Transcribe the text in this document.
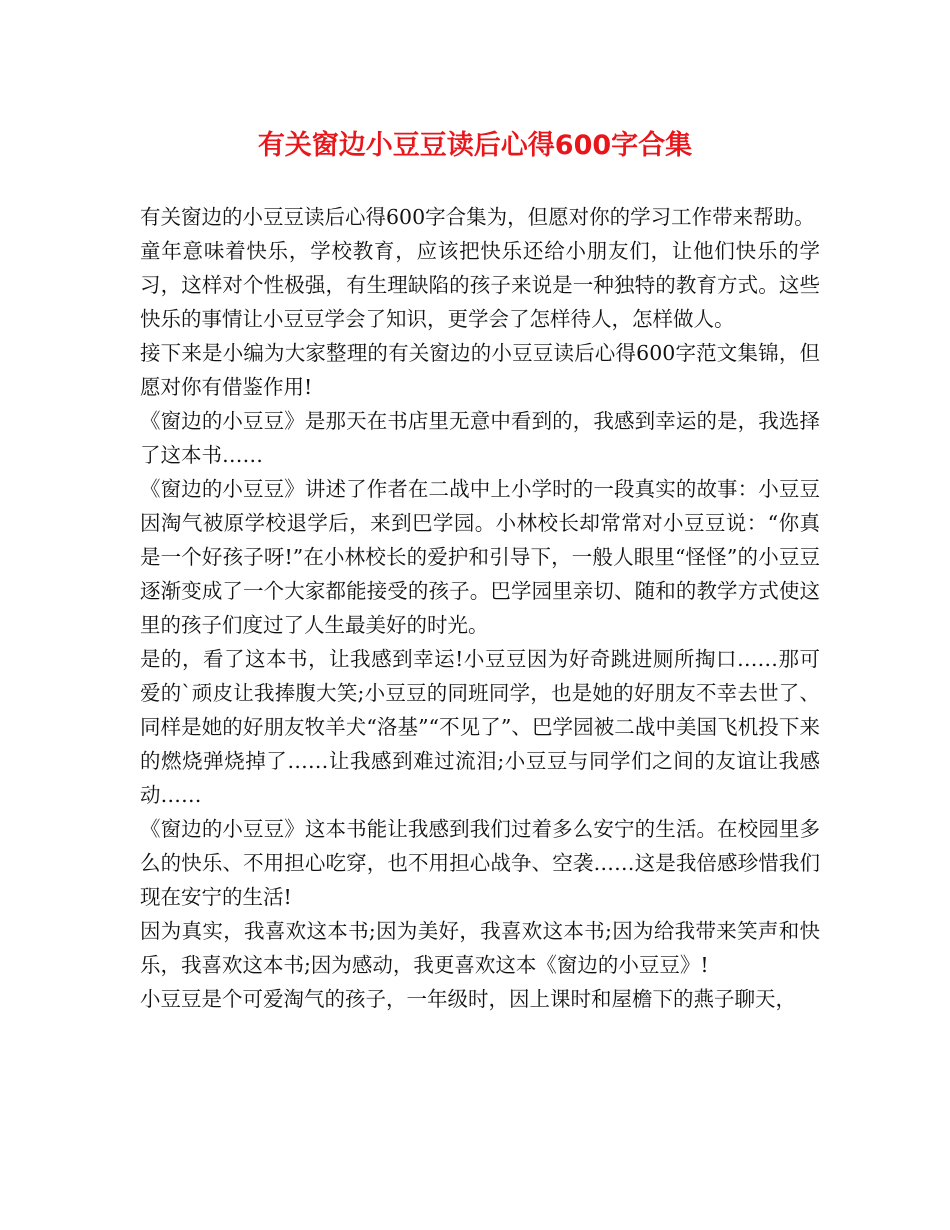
有关窗边小豆豆读后心得600字合集

有关窗边的小豆豆读后心得600字合集为，但愿对你的学习工作带来帮助。

童年意味着快乐，学校教育，应该把快乐还给小朋友们，让他们快乐的学习，这样对个性极强，有生理缺陷的孩子来说是一种独特的教育方式。这些快乐的事情让小豆豆学会了知识，更学会了怎样待人，怎样做人。

接下来是小编为大家整理的有关窗边的小豆豆读后心得600字范文集锦，但愿对你有借鉴作用!

《窗边的小豆豆》是那天在书店里无意中看到的，我感到幸运的是，我选择了这本书……

《窗边的小豆豆》讲述了作者在二战中上小学时的一段真实的故事：小豆豆因淘气被原学校退学后，来到巴学园。小林校长却常常对小豆豆说：“你真是一个好孩子呀!”在小林校长的爱护和引导下，一般人眼里“怪怪”的小豆豆逐渐变成了一个大家都能接受的孩子。巴学园里亲切、随和的教学方式使这里的孩子们度过了人生最美好的时光。

是的，看了这本书，让我感到幸运!小豆豆因为好奇跳进厕所掏口……那可爱的`顽皮让我捧腹大笑;小豆豆的同班同学，也是她的好朋友不幸去世了、同样是她的好朋友牧羊犬“洛基”“不见了”、巴学园被二战中美国飞机投下来的燃烧弹烧掉了……让我感到难过流泪;小豆豆与同学们之间的友谊让我感动……

《窗边的小豆豆》这本书能让我感到我们过着多么安宁的生活。在校园里多么的快乐、不用担心吃穿，也不用担心战争、空袭……这是我倍感珍惜我们现在安宁的生活!

因为真实，我喜欢这本书;因为美好，我喜欢这本书;因为给我带来笑声和快乐，我喜欢这本书;因为感动，我更喜欢这本《窗边的小豆豆》!

小豆豆是个可爱淘气的孩子，一年级时，因上课时和屋檐下的燕子聊天，
